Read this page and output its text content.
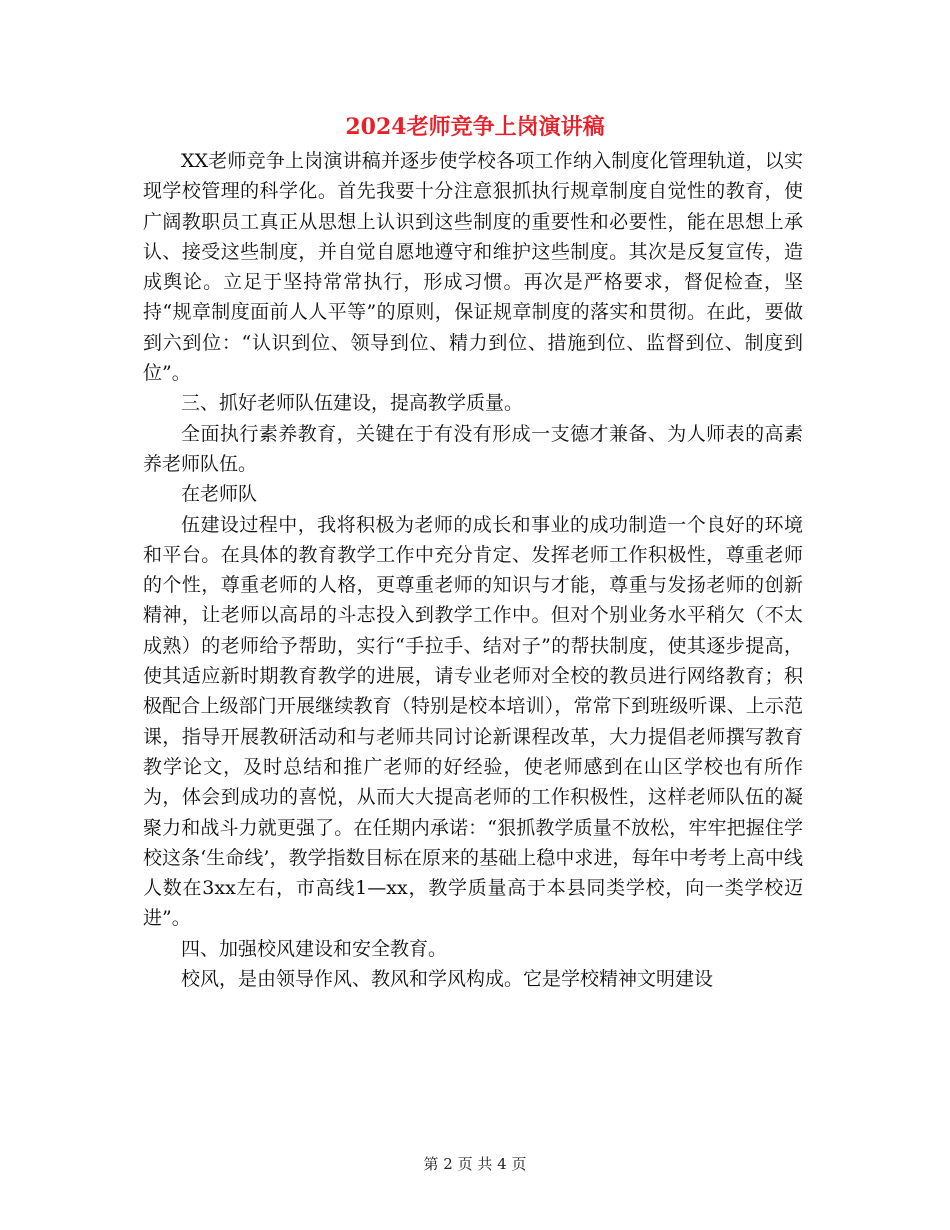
2024老师竞争上岗演讲稿

XX老师竞争上岗演讲稿并逐步使学校各项工作纳入制度化管理轨道，以实现学校管理的科学化。首先我要十分注意狠抓执行规章制度自觉性的教育，使广阔教职员工真正从思想上认识到这些制度的重要性和必要性，能在思想上承认、接受这些制度，并自觉自愿地遵守和维护这些制度。其次是反复宣传，造成舆论。立足于坚持常常执行，形成习惯。再次是严格要求，督促检查，坚持“规章制度面前人人平等”的原则，保证规章制度的落实和贯彻。在此，要做到六到位：“认识到位、领导到位、精力到位、措施到位、监督到位、制度到位”。

三、抓好老师队伍建设，提高教学质量。

全面执行素养教育，关键在于有没有形成一支德才兼备、为人师表的高素养老师队伍。

在老师队

伍建设过程中，我将积极为老师的成长和事业的成功制造一个良好的环境和平台。在具体的教育教学工作中充分肯定、发挥老师工作积极性，尊重老师的个性，尊重老师的人格，更尊重老师的知识与才能，尊重与发扬老师的创新精神，让老师以高昂的斗志投入到教学工作中。但对个别业务水平稍欠（不太成熟）的老师给予帮助，实行“手拉手、结对子”的帮扶制度，使其逐步提高，使其适应新时期教育教学的进展，请专业老师对全校的教员进行网络教育；积极配合上级部门开展继续教育（特别是校本培训），常常下到班级听课、上示范课，指导开展教研活动和与老师共同讨论新课程改革，大力提倡老师撰写教育教学论文，及时总结和推广老师的好经验，使老师感到在山区学校也有所作为，体会到成功的喜悦，从而大大提高老师的工作积极性，这样老师队伍的凝聚力和战斗力就更强了。在任期内承诺：“狠抓教学质量不放松，牢牢把握住学校这条‘生命线’，教学指数目标在原来的基础上稳中求进，每年中考考上高中线人数在3xx左右，市高线1—xx，教学质量高于本县同类学校，向一类学校迈进”。

四、加强校风建设和安全教育。

校风，是由领导作风、教风和学风构成。它是学校精神文明建设

第 2 页 共 4 页
